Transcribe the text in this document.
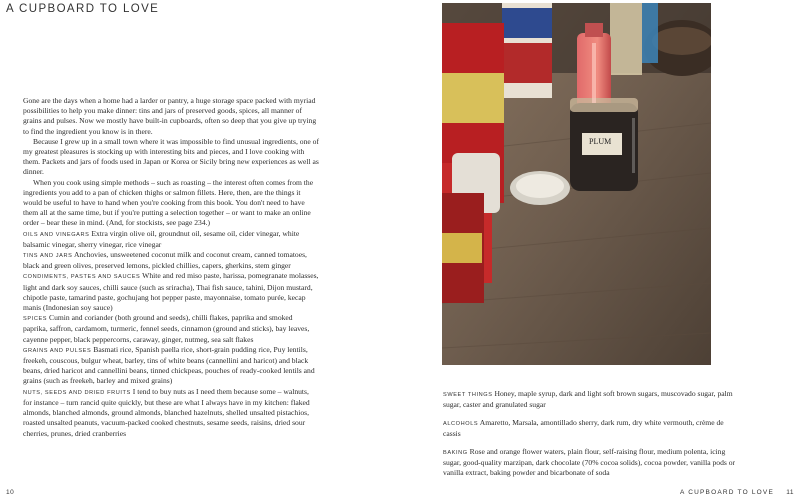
A CUPBOARD TO LOVE

Gone are the days when a home had a larder or pantry, a huge storage space packed with myriad possibilities to help you make dinner: tins and jars of preserved goods, spices, all manner of grains and pulses. Now we mostly have built-in cupboards, often so deep that you give up trying to find the ingredient you know is in there.

Because I grew up in a small town where it was impossible to find unusual ingredients, one of my greatest pleasures is stocking up with interesting bits and pieces, and I love cooking with them. Packets and jars of foods used in Japan or Korea or Sicily bring new experiences as well as dinner.

When you cook using simple methods – such as roasting – the interest often comes from the ingredients you add to a pan of chicken thighs or salmon fillets. Here, then, are the things it would be useful to have to hand when you're cooking from this book. You don't need to have them all at the same time, but if you're putting a selection together – or want to make an online order – bear these in mind. (And, for stockists, see page 234.)

OILS AND VINEGARS Extra virgin olive oil, groundnut oil, sesame oil, cider vinegar, white balsamic vinegar, sherry vinegar, rice vinegar

TINS AND JARS Anchovies, unsweetened coconut milk and coconut cream, canned tomatoes, black and green olives, preserved lemons, pickled chillies, capers, gherkins, stem ginger

CONDIMENTS, PASTES AND SAUCES White and red miso paste, harissa, pomegranate molasses, light and dark soy sauces, chilli sauce (such as sriracha), Thai fish sauce, tahini, Dijon mustard, chipotle paste, tamarind paste, gochujang hot pepper paste, mayonnaise, tomato purée, kecap manis (Indonesian soy sauce)

SPICES Cumin and coriander (both ground and seeds), chilli flakes, paprika and smoked paprika, saffron, cardamom, turmeric, fennel seeds, cinnamon (ground and sticks), bay leaves, cayenne pepper, black peppercorns, caraway, ginger, nutmeg, sea salt flakes

GRAINS AND PULSES Basmati rice, Spanish paella rice, short-grain pudding rice, Puy lentils, freekeh, couscous, bulgur wheat, barley, tins of white beans (cannellini and haricot) and black beans, dried haricot and cannellini beans, tinned chickpeas, pouches of ready-cooked lentils and grains (such as freekeh, barley and mixed grains)

NUTS, SEEDS AND DRIED FRUITS I tend to buy nuts as I need them because some – walnuts, for instance – turn rancid quite quickly, but these are what I always have in my kitchen: flaked almonds, blanched almonds, ground almonds, blanched hazelnuts, shelled unsalted pistachios, roasted unsalted peanuts, vacuum-packed cooked chestnuts, sesame seeds, raisins, dried sour cherries, prunes, dried cranberries

10
PLUM

SWEET THINGS Honey, maple syrup, dark and light soft brown sugars, muscovado sugar, palm sugar, caster and granulated sugar

ALCOHOLS Amaretto, Marsala, amontillado sherry, dark rum, dry white vermouth, crème de cassis

BAKING Rose and orange flower waters, plain flour, self-raising flour, medium polenta, icing sugar, good-quality marzipan, dark chocolate (70% cocoa solids), cocoa powder, vanilla pods or vanilla extract, baking powder and bicarbonate of soda

A CUPBOARD TO LOVE 11
